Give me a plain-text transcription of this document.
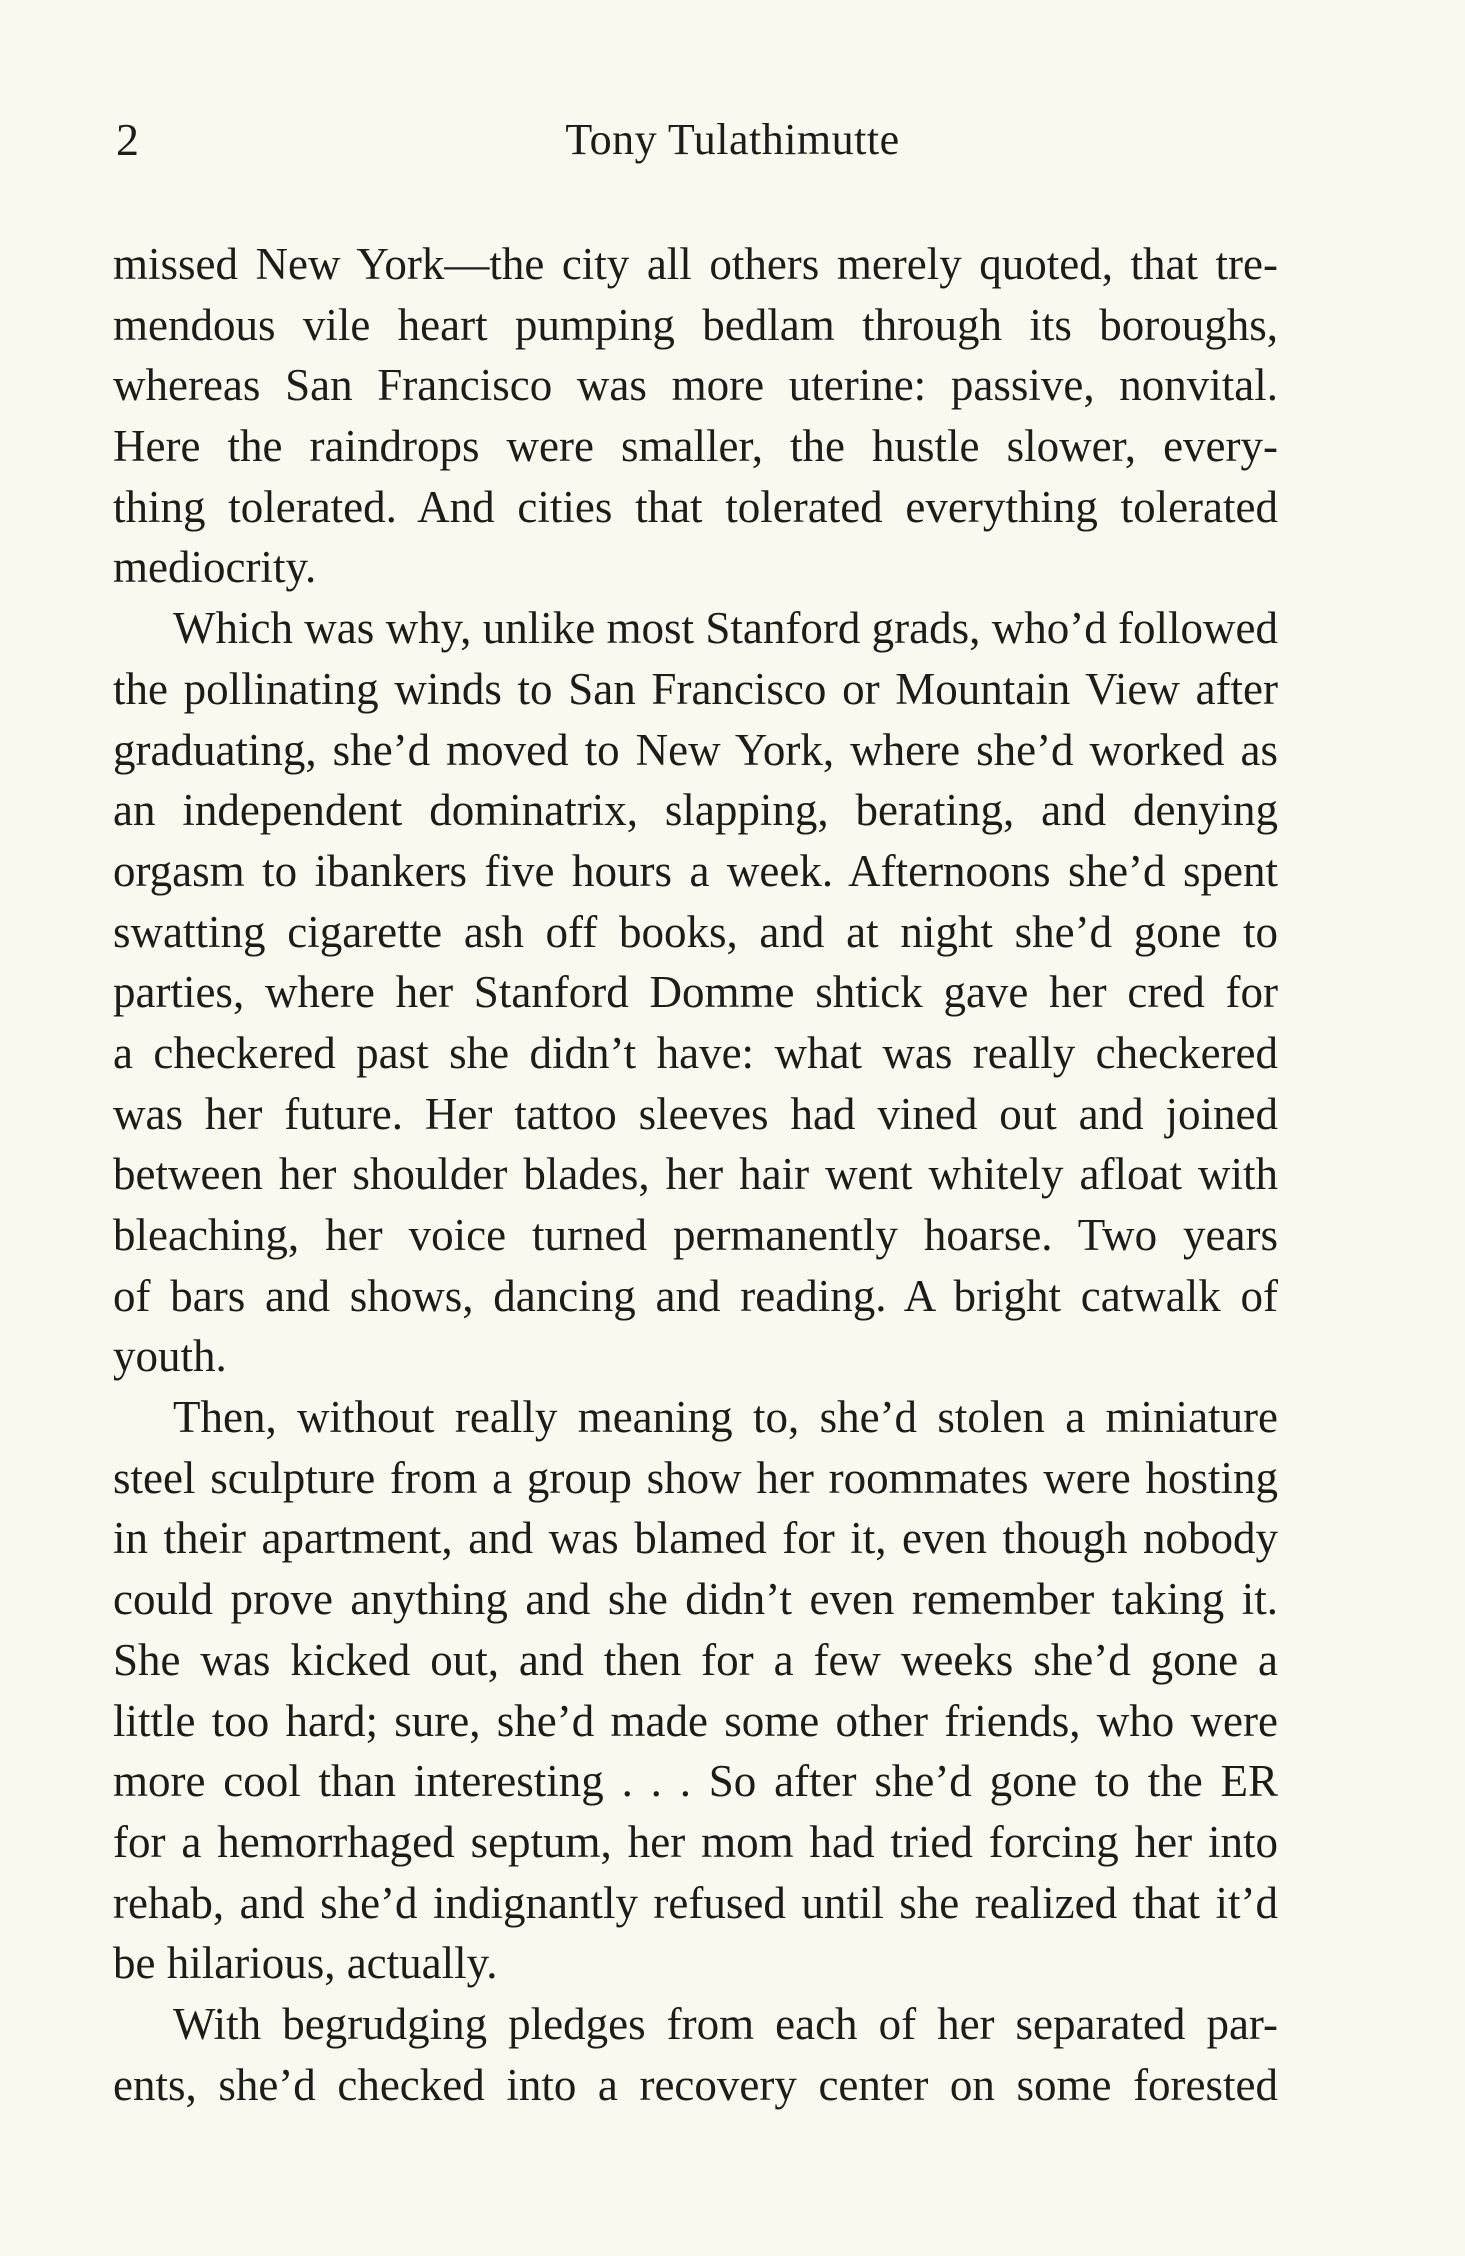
2	Tony Tulathimutte
missed New York—the city all others merely quoted, that tre-
mendous vile heart pumping bedlam through its boroughs,
whereas San Francisco was more uterine: passive, nonvital.
Here the raindrops were smaller, the hustle slower, every-
thing tolerated. And cities that tolerated everything tolerated
mediocrity.
Which was why, unlike most Stanford grads, who’d followed
the pollinating winds to San Francisco or Mountain View after
graduating, she’d moved to New York, where she’d worked as
an independent dominatrix, slapping, berating, and denying
orgasm to ibankers five hours a week. Afternoons she’d spent
swatting cigarette ash off books, and at night she’d gone to
parties, where her Stanford Domme shtick gave her cred for
a checkered past she didn’t have: what was really checkered
was her future. Her tattoo sleeves had vined out and joined
between her shoulder blades, her hair went whitely afloat with
bleaching, her voice turned permanently hoarse. Two years
of bars and shows, dancing and reading. A bright catwalk of
youth.
Then, without really meaning to, she’d stolen a miniature
steel sculpture from a group show her roommates were hosting
in their apartment, and was blamed for it, even though nobody
could prove anything and she didn’t even remember taking it.
She was kicked out, and then for a few weeks she’d gone a
little too hard; sure, she’d made some other friends, who were
more cool than interesting . . . So after she’d gone to the ER
for a hemorrhaged septum, her mom had tried forcing her into
rehab, and she’d indignantly refused until she realized that it’d
be hilarious, actually.
With begrudging pledges from each of her separated par-
ents, she’d checked into a recovery center on some forested
